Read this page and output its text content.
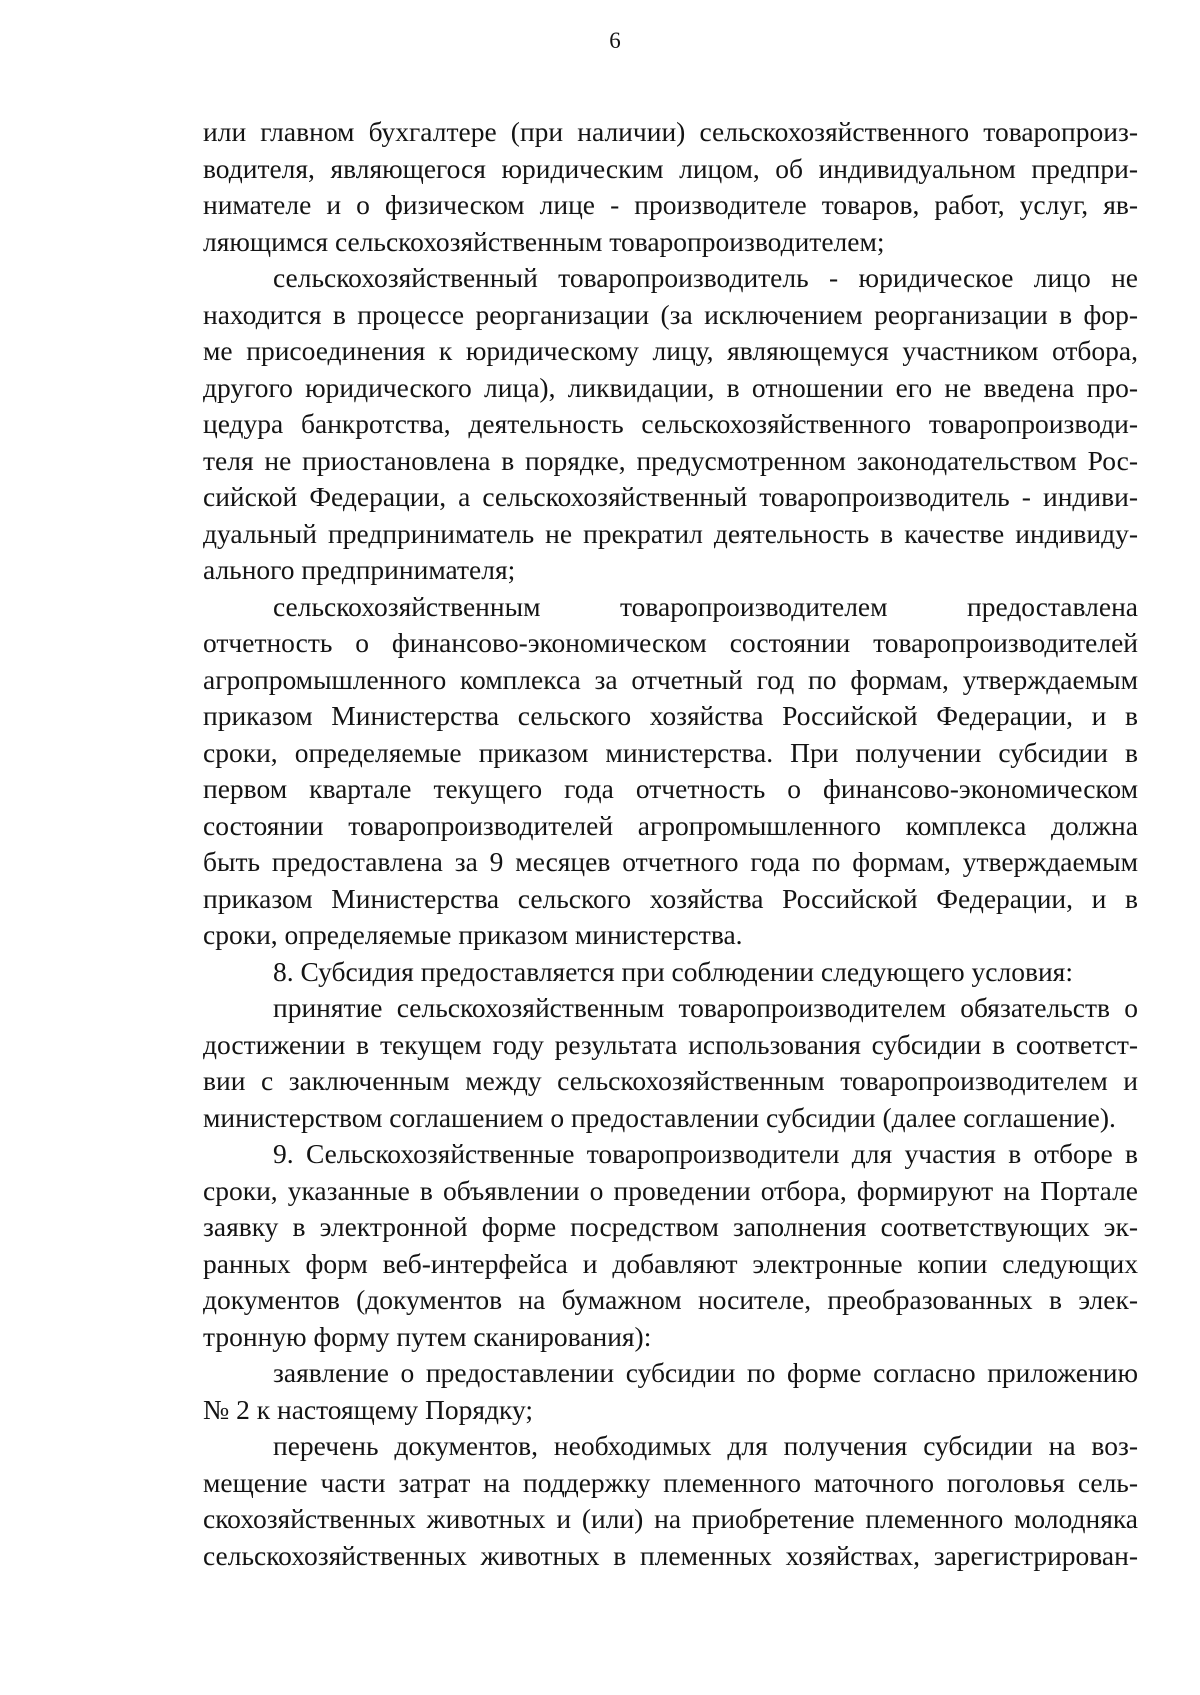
6
или главном бухгалтере (при наличии) сельскохозяйственного товаропроиз-
водителя, являющегося юридическим лицом, об индивидуальном предпри-
нимателе и о физическом лице - производителе товаров, работ, услуг, яв-
ляющимся сельскохозяйственным товаропроизводителем;
сельскохозяйственный товаропроизводитель - юридическое лицо не
находится в процессе реорганизации (за исключением реорганизации в фор-
ме присоединения к юридическому лицу, являющемуся участником отбора,
другого юридического лица), ликвидации, в отношении его не введена про-
цедура банкротства, деятельность сельскохозяйственного товаропроизводи-
теля не приостановлена в порядке, предусмотренном законодательством Рос-
сийской Федерации, а сельскохозяйственный товаропроизводитель - индиви-
дуальный предприниматель не прекратил деятельность в качестве индивиду-
ального предпринимателя;
сельскохозяйственным товаропроизводителем предоставлена
отчетность о финансово-экономическом состоянии товаропроизводителей
агропромышленного комплекса за отчетный год по формам, утверждаемым
приказом Министерства сельского хозяйства Российской Федерации, и в
сроки, определяемые приказом министерства. При получении субсидии в
первом квартале текущего года отчетность о финансово-экономическом
состоянии товаропроизводителей агропромышленного комплекса должна
быть предоставлена за 9 месяцев отчетного года по формам, утверждаемым
приказом Министерства сельского хозяйства Российской Федерации, и в
сроки, определяемые приказом министерства.
8. Субсидия предоставляется при соблюдении следующего условия:
принятие сельскохозяйственным товаропроизводителем обязательств о
достижении в текущем году результата использования субсидии в соответст-
вии с заключенным между сельскохозяйственным товаропроизводителем и
министерством соглашением о предоставлении субсидии (далее соглашение).
9. Сельскохозяйственные товаропроизводители для участия в отборе в
сроки, указанные в объявлении о проведении отбора, формируют на Портале
заявку в электронной форме посредством заполнения соответствующих эк-
ранных форм веб-интерфейса и добавляют электронные копии следующих
документов (документов на бумажном носителе, преобразованных в элек-
тронную форму путем сканирования):
заявление о предоставлении субсидии по форме согласно приложению
№ 2 к настоящему Порядку;
перечень документов, необходимых для получения субсидии на воз-
мещение части затрат на поддержку племенного маточного поголовья сель-
скохозяйственных животных и (или) на приобретение племенного молодняка
сельскохозяйственных животных в племенных хозяйствах, зарегистрирован-
